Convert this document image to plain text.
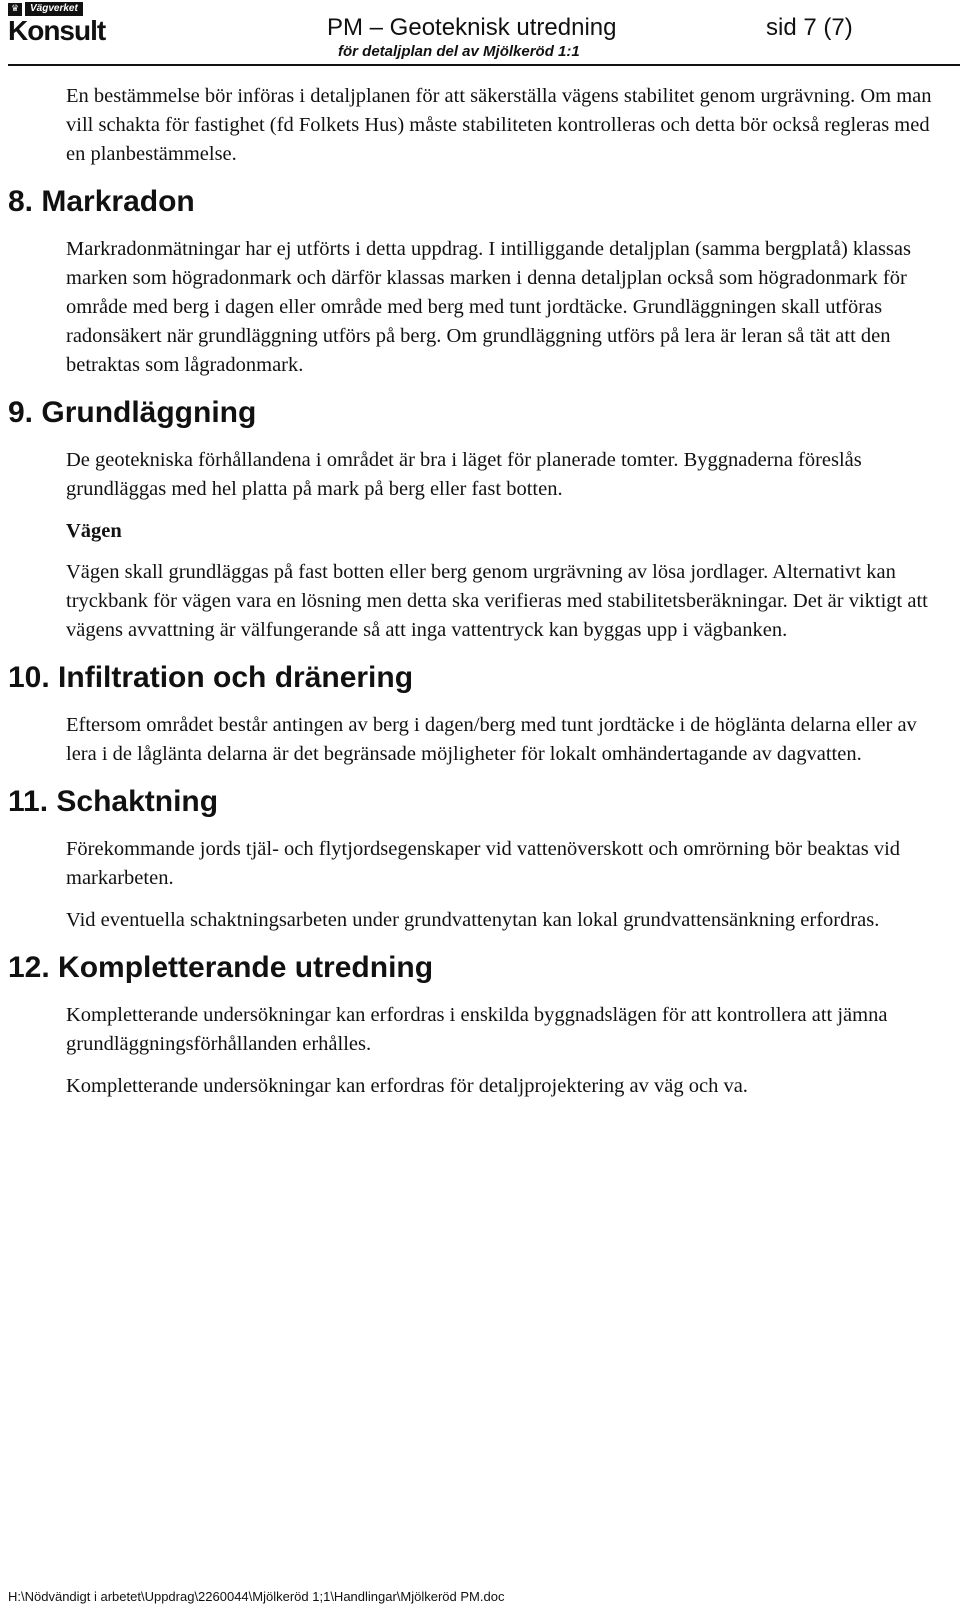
♛	Vägverket
Konsult	PM – Geoteknisk utredning
för detaljplan del av Mjölkeröd 1:1
sid 7 (7)

En bestämmelse bör införas i detaljplanen för att säkerställa vägens stabilitet genom urgrävning. Om man vill schakta för fastighet (fd Folkets Hus) måste stabiliteten kontrolleras och detta bör också regleras med en planbestämmelse.

8. Markradon

Markradonmätningar har ej utförts i detta uppdrag. I intilliggande detaljplan (samma bergplatå) klassas marken som högradonmark och därför klassas marken i denna detaljplan också som högradonmark för område med berg i dagen eller område med berg med tunt jordtäcke. Grundläggningen skall utföras radonsäkert när grundläggning utförs på berg. Om grundläggning utförs på lera är leran så tät att den betraktas som lågradonmark.

9. Grundläggning

De geotekniska förhållandena i området är bra i läget för planerade tomter. Byggnaderna föreslås grundläggas med hel platta på mark på berg eller fast botten.

Vägen

Vägen skall grundläggas på fast botten eller berg genom urgrävning av lösa jordlager. Alternativt kan tryckbank för vägen vara en lösning men detta ska verifieras med stabilitetsberäkningar. Det är viktigt att vägens avvattning är välfungerande så att inga vattentryck kan byggas upp i vägbanken.

10. Infiltration och dränering

Eftersom området består antingen av berg i dagen/berg med tunt jordtäcke i de höglänta delarna eller av lera i de låglänta delarna är det begränsade möjligheter för lokalt omhändertagande av dagvatten.

11. Schaktning

Förekommande jords tjäl- och flytjordsegenskaper vid vattenöverskott och omrörning bör beaktas vid markarbeten.

Vid eventuella schaktningsarbeten under grundvattenytan kan lokal grundvattensänkning erfordras.

12. Kompletterande utredning

Kompletterande undersökningar kan erfordras i enskilda byggnadslägen för att kontrollera att jämna grundläggningsförhållanden erhålles.

Kompletterande undersökningar kan erfordras för detaljprojektering av väg och va.

H:\Nödvändigt i arbetet\Uppdrag\2260044\Mjölkeröd 1;1\Handlingar\Mjölkeröd PM.doc
